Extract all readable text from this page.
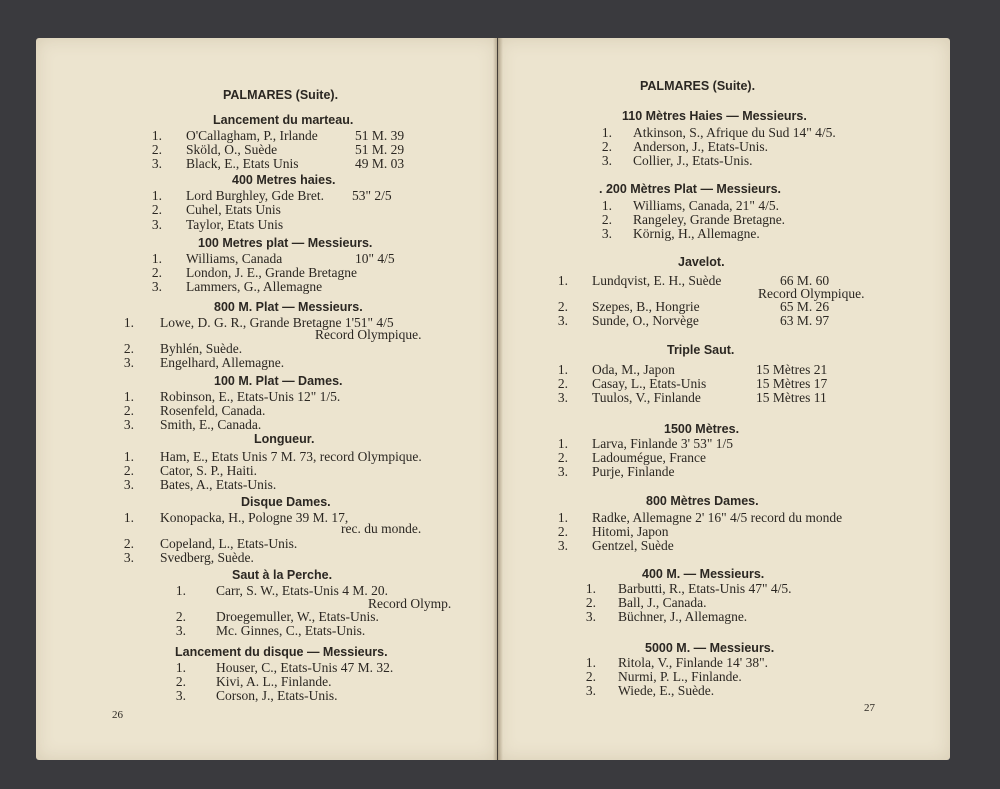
PALMARES (Suite).
26
Lancement du marteau.
1. O'Callagham, P., Irlande	51 M. 39
2. Sköld, O., Suède	51 M. 29
3. Black, E., Etats Unis	49 M. 03
400 Metres haies.
1. Lord Burghley, Gde Bret. 53" 2/5
2. Cuhel, Etats Unis
3. Taylor, Etats Unis
100 Metres plat — Messieurs.
1. Williams, Canada	10" 4/5
2. London, J. E., Grande Bretagne
3. Lammers, G., Allemagne
800 M. Plat — Messieurs.
1. Lowe, D. G. R., Grande Bretagne 1'51" 4/5
Record Olympique.
2. Byhlén, Suède.
3. Engelhard, Allemagne.
100 M. Plat — Dames.
1. Robinson, E., Etats-Unis 12" 1/5.
2. Rosenfeld, Canada.
3. Smith, E., Canada.
Longueur.
1. Ham, E., Etats Unis 7 M. 73, record Olympique.
2. Cator, S. P., Haiti.
3. Bates, A., Etats-Unis.
Disque Dames.
1. Konopacka, H., Pologne 39 M. 17,
rec. du monde.
2. Copeland, L., Etats-Unis.
3. Svedberg, Suède.
Saut à la Perche.
1. Carr, S. W., Etats-Unis 4 M. 20.
Record Olymp.
2. Droegemuller, W., Etats-Unis.
3. Mc. Ginnes, C., Etats-Unis.
Lancement du disque — Messieurs.
1. Houser, C., Etats-Unis 47 M. 32.
2. Kivi, A. L., Finlande.
3. Corson, J., Etats-Unis.
PALMARES (Suite).
27
110 Mètres Haies — Messieurs.
1. Atkinson, S., Afrique du Sud 14" 4/5.
2. Anderson, J., Etats-Unis.
3. Collier, J., Etats-Unis.
. 200 Mètres Plat — Messieurs.
1. Williams, Canada, 21" 4/5.
2. Rangeley, Grande Bretagne.
3. Körnig, H., Allemagne.
Javelot.
1. Lundqvist, E. H., Suède	66 M. 60
Record Olympique.
2. Szepes, B., Hongrie	65 M. 26
3. Sunde, O., Norvège	63 M. 97
Triple Saut.
1. Oda, M., Japon	15 Mètres 21
2. Casay, L., Etats-Unis	15 Mètres 17
3. Tuulos, V., Finlande	15 Mètres 11
1500 Mètres.
1. Larva, Finlande 3' 53" 1/5
2. Ladoumégue, France
3. Purje, Finlande
800 Mètres Dames.
1. Radke, Allemagne 2' 16" 4/5 record du monde
2. Hitomi, Japon
3. Gentzel, Suède
400 M. — Messieurs.
1. Barbutti, R., Etats-Unis 47" 4/5.
2. Ball, J., Canada.
3. Büchner, J., Allemagne.
5000 M. — Messieurs.
1. Ritola, V., Finlande 14' 38".
2. Nurmi, P. L., Finlande.
3. Wiede, E., Suède.
